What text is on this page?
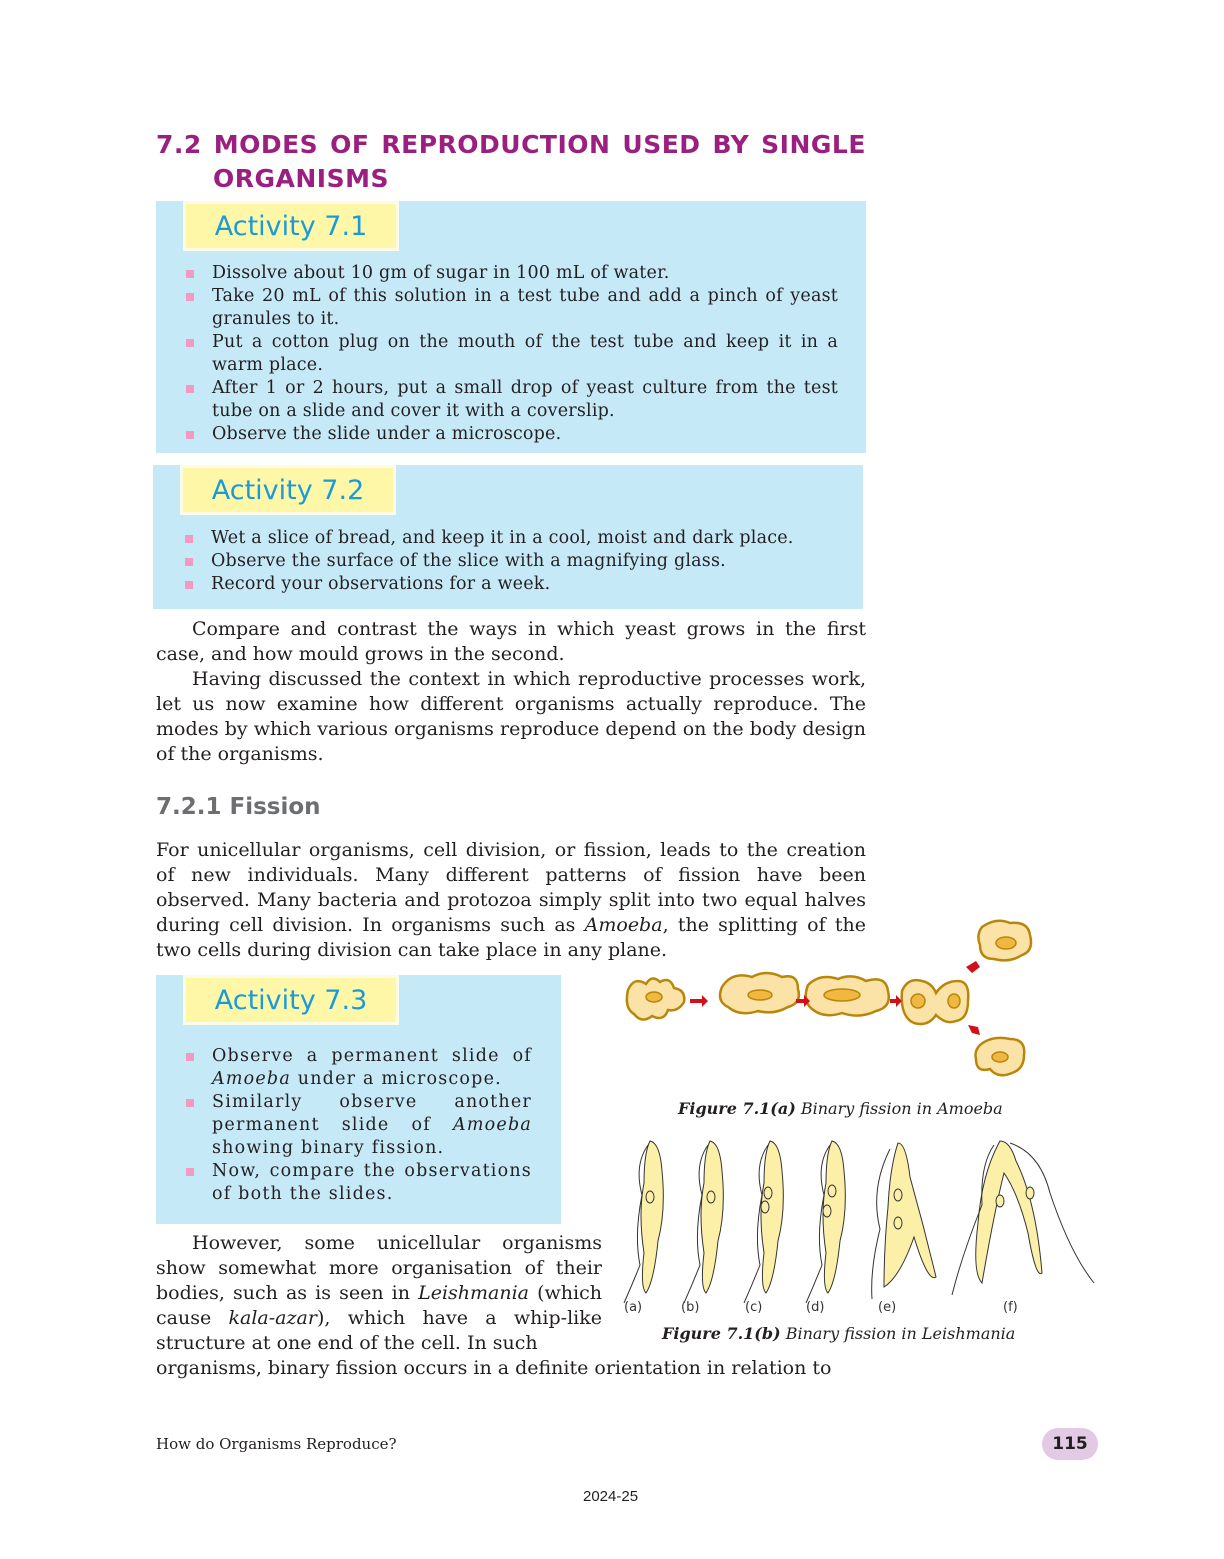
7.2 MODES OF REPRODUCTION USED BY SINGLE
ORGANISMS
Activity 7.1
Dissolve about 10 gm of sugar in 100 mL of water.
Take 20 mL of this solution in a test tube and add a pinch of yeast granules to it.
Put a cotton plug on the mouth of the test tube and keep it in a warm place.
After 1 or 2 hours, put a small drop of yeast culture from the test tube on a slide and cover it with a coverslip.
Observe the slide under a microscope.
Activity 7.2
Wet a slice of bread, and keep it in a cool, moist and dark place.
Observe the surface of the slice with a magnifying glass.
Record your observations for a week.

Compare and contrast the ways in which yeast grows in the first case, and how mould grows in the second.

Having discussed the context in which reproductive processes work, let us now examine how different organisms actually reproduce. The modes by which various organisms reproduce depend on the body design of the organisms.

7.2.1 Fission
For unicellular organisms, cell division, or fission, leads to the creation of new individuals. Many different patterns of fission have been observed. Many bacteria and protozoa simply split into two equal halves during cell division. In organisms such as Amoeba, the splitting of the two cells during division can take place in any plane.
Activity 7.3
Observe a permanent slide of Amoeba under a microscope.
Similarly observe another permanent slide of Amoeba showing binary fission.
Now, compare the observations of both the slides.
However, some unicellular organisms show somewhat more organisation of their bodies, such as is seen in Leishmania (which cause kala-azar), which have a whip-like structure at one end of the cell. In such
organisms, binary fission occurs in a definite orientation in relation to
Figure 7.1(a) Binary fission in Amoeba
(a)	(b)	(c)	(d)	(e)	(f)
Figure 7.1(b) Binary fission in Leishmania
How do Organisms Reproduce?	115
2024-25
